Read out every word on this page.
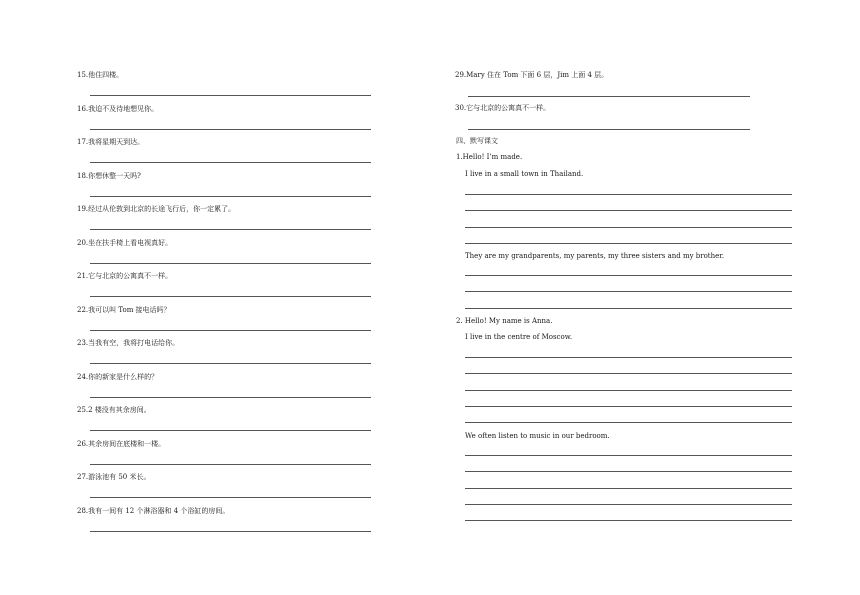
15.他住四楼。
16.我迫不及待地想见你。
17.我将星期天到达。
18.你想休整一天吗?
19.经过从伦敦到北京的长途飞行后，你一定累了。
20.坐在扶手椅上看电视真好。
21.它与北京的公寓真不一样。
22.我可以叫 Tom 接电话吗？
23.当我有空，我将打电话给你。
24.你的新家是什么样的？
25.2 楼没有其余房间。
26.其余房间在底楼和一楼。
27.游泳池有 50 米长。
28.我有一间有 12 个淋浴器和 4 个浴缸的房间。
29.Mary 住在 Tom 下面 6 层，Jim 上面 4 层。
30.它与北京的公寓真不一样。
四、默写课文
1.Hello! I’m made.
I live in a small town in Thailand.
They are my grandparents, my parents, my three sisters and my brother.
2. Hello! My name is Anna.
I live in the centre of Moscow.
We often listen to music in our bedroom.
